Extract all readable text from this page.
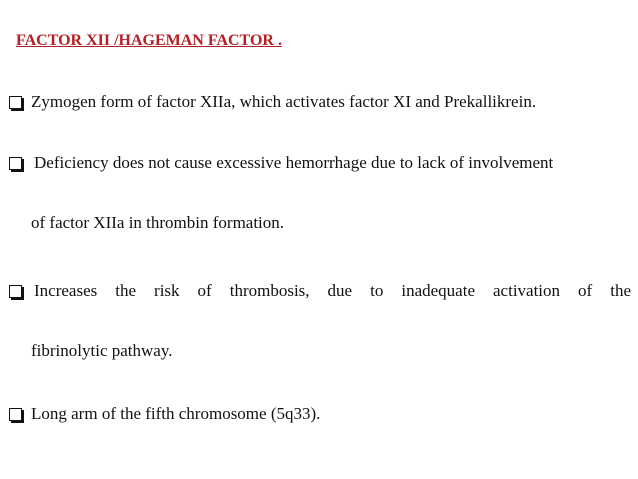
FACTOR XII /HAGEMAN FACTOR .
Zymogen form of factor XIIa, which activates factor XI and Prekallikrein.
Deficiency does not cause excessive hemorrhage due to lack of involvement
of factor XIIa in thrombin formation.
Increases the risk of thrombosis, due to inadequate activation of the
fibrinolytic pathway.
Long arm of the fifth chromosome (5q33).
